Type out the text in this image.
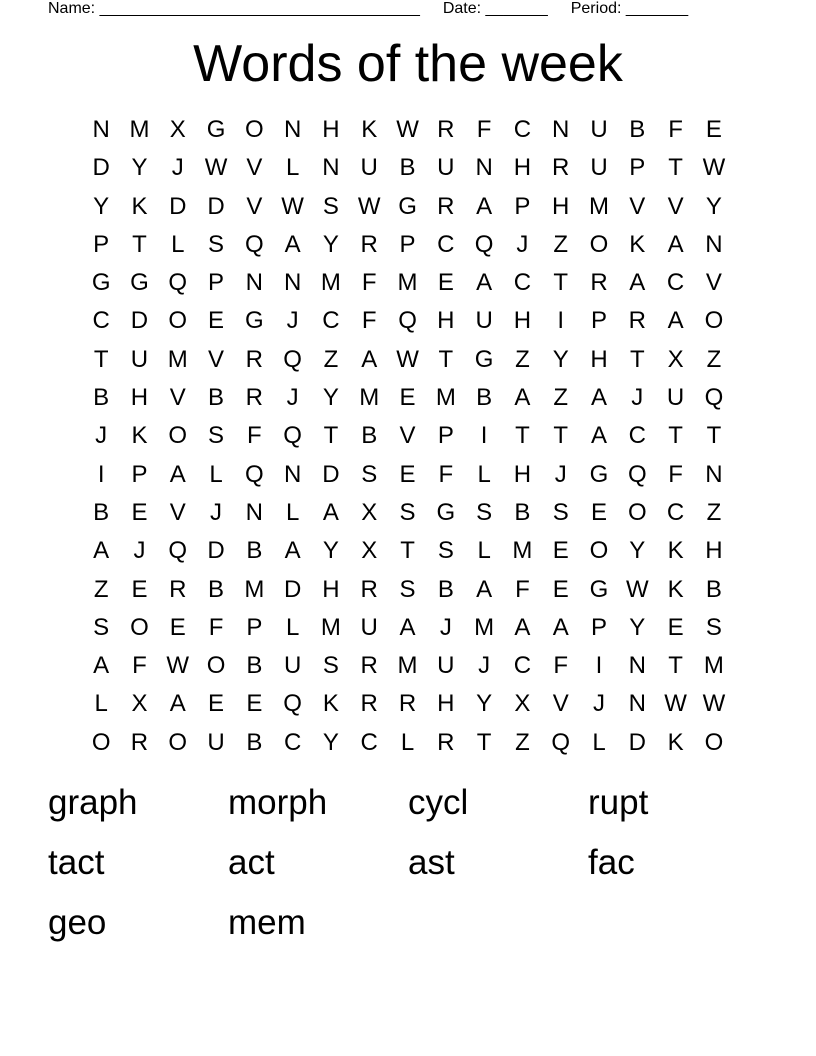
Name: ____________________________________ Date: _______ Period: _______
Words of the week
N M X G O N H K W R F C N U B F E
D Y	J W V L N U B U N H R U P T W
Y K D D V W S W G R A P H M V V Y
P T	L S Q A Y R P C Q J	Z O K A N
G G Q P N N M F M E A C T R A C V
C D O E G J C F Q H U H	I	P R A O
T U M V R Q Z A W T G Z Y H T X Z
B H V B R J	Y M E M B A Z A	J U Q
J	K O S F Q T B V P	I	T T A C T T
I	P A L Q N D S E F	L H J G Q F N
B E V	J N L A X S G S B S E O C Z
A	J Q D B A Y X T S L M E O Y K H
Z E R B M D H R S B A F E G W K B
S O E F P L M U A	J M A A P Y E S
A F W O B U S R M U J C F	I	N T M
L X A E E Q K R R H Y X V	J N W W
O R O U B C Y C L R T Z Q L D K O
graph	morph	cycl	rupt
tact	act	ast	fac
geo	mem
